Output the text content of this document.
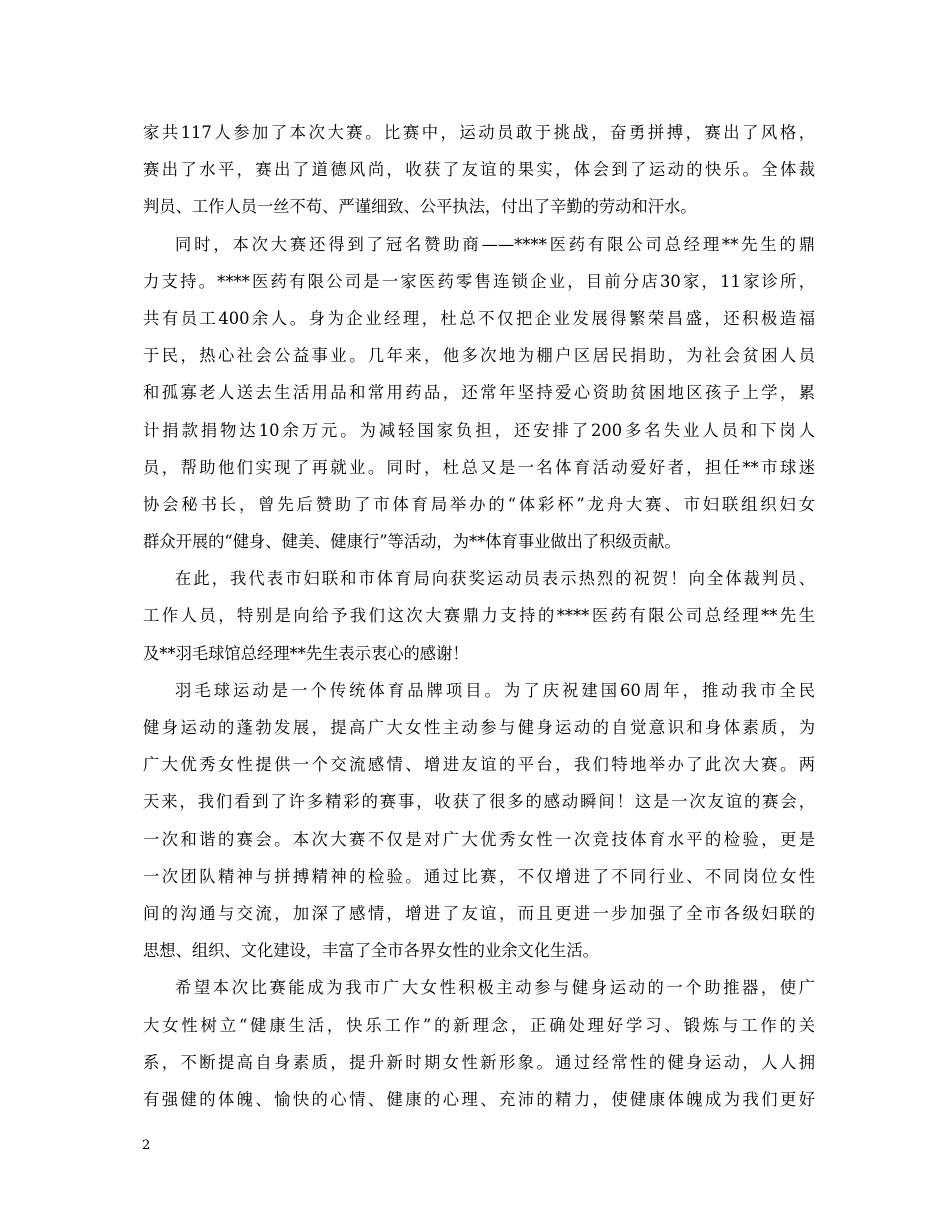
家共117人参加了本次大赛。比赛中，运动员敢于挑战，奋勇拼搏，赛出了风格，
赛出了水平，赛出了道德风尚，收获了友谊的果实，体会到了运动的快乐。全体裁
判员、工作人员一丝不苟、严谨细致、公平执法，付出了辛勤的劳动和汗水。
同时，本次大赛还得到了冠名赞助商——****医药有限公司总经理**先生的鼎
力支持。****医药有限公司是一家医药零售连锁企业，目前分店30家，11家诊所，
共有员工400余人。身为企业经理，杜总不仅把企业发展得繁荣昌盛，还积极造福
于民，热心社会公益事业。几年来，他多次地为棚户区居民捐助，为社会贫困人员
和孤寡老人送去生活用品和常用药品，还常年坚持爱心资助贫困地区孩子上学，累
计捐款捐物达10余万元。为减轻国家负担，还安排了200多名失业人员和下岗人
员，帮助他们实现了再就业。同时，杜总又是一名体育活动爱好者，担任**市球迷
协会秘书长，曾先后赞助了市体育局举办的“体彩杯”龙舟大赛、市妇联组织妇女
群众开展的“健身、健美、健康行”等活动，为**体育事业做出了积级贡献。
在此，我代表市妇联和市体育局向获奖运动员表示热烈的祝贺！向全体裁判员、
工作人员，特别是向给予我们这次大赛鼎力支持的****医药有限公司总经理**先生
及**羽毛球馆总经理**先生表示衷心的感谢！
羽毛球运动是一个传统体育品牌项目。为了庆祝建国60周年，推动我市全民
健身运动的蓬勃发展，提高广大女性主动参与健身运动的自觉意识和身体素质，为
广大优秀女性提供一个交流感情、增进友谊的平台，我们特地举办了此次大赛。两
天来，我们看到了许多精彩的赛事，收获了很多的感动瞬间！这是一次友谊的赛会，
一次和谐的赛会。本次大赛不仅是对广大优秀女性一次竞技体育水平的检验，更是
一次团队精神与拼搏精神的检验。通过比赛，不仅增进了不同行业、不同岗位女性
间的沟通与交流，加深了感情，增进了友谊，而且更进一步加强了全市各级妇联的
思想、组织、文化建设，丰富了全市各界女性的业余文化生活。
希望本次比赛能成为我市广大女性积极主动参与健身运动的一个助推器，使广
大女性树立“健康生活，快乐工作”的新理念，正确处理好学习、锻炼与工作的关
系，不断提高自身素质，提升新时期女性新形象。通过经常性的健身运动，人人拥
有强健的体魄、愉快的心情、健康的心理、充沛的精力，使健康体魄成为我们更好
2
